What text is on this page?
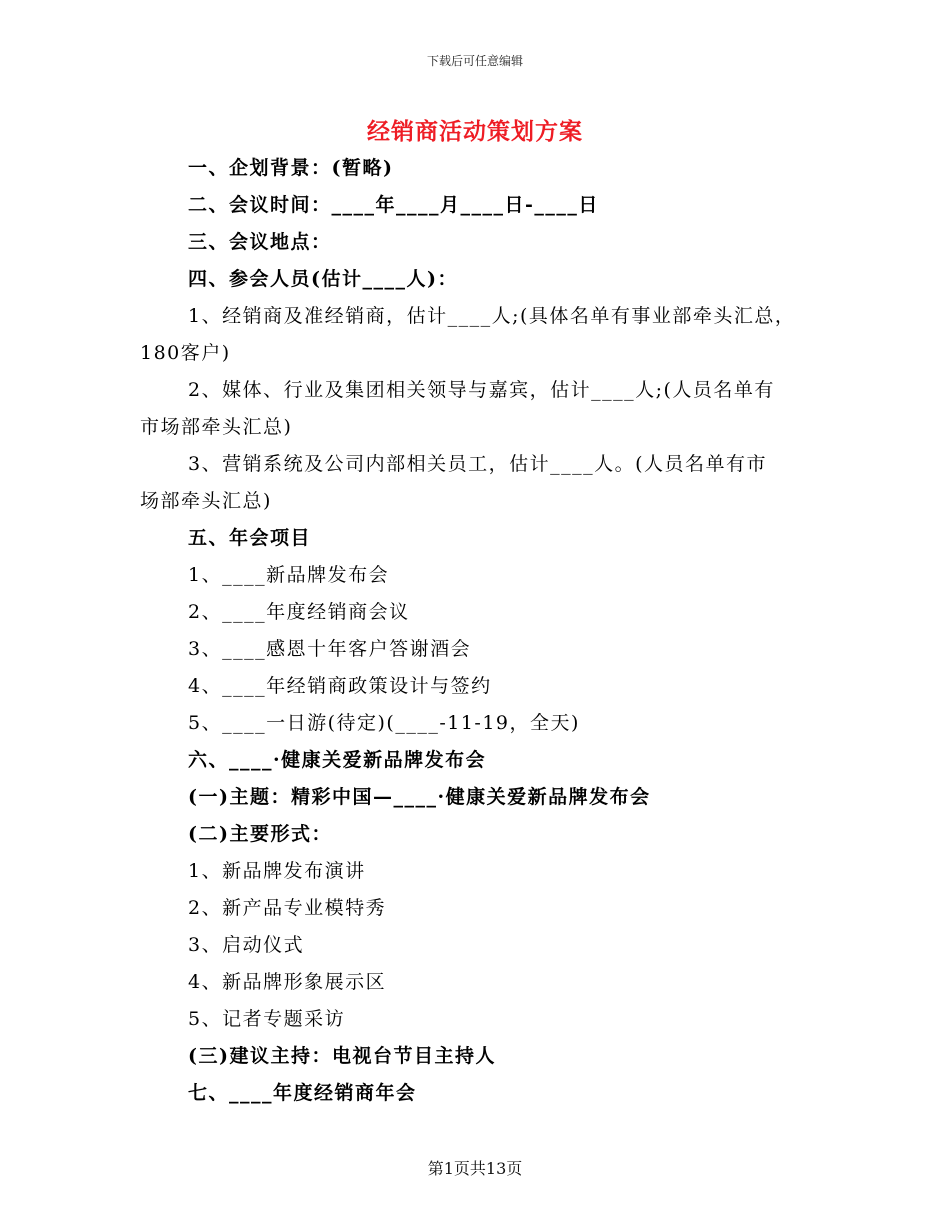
下载后可任意编辑
经销商活动策划方案
一、企划背景：(暂略)
二、会议时间：____年____月____日-____日
三、会议地点：
四、参会人员(估计____人)：
1、经销商及准经销商，估计____人;(具体名单有事业部牵头汇总，
180客户)
2、媒体、行业及集团相关领导与嘉宾，估计____人;(人员名单有
市场部牵头汇总)
3、营销系统及公司内部相关员工，估计____人。(人员名单有市
场部牵头汇总)
五、年会项目
1、____新品牌发布会
2、____年度经销商会议
3、____感恩十年客户答谢酒会
4、____年经销商政策设计与签约
5、____一日游(待定)(____-11-19，全天)
六、____·健康关爱新品牌发布会
(一)主题：精彩中国—____·健康关爱新品牌发布会
(二)主要形式：
1、新品牌发布演讲
2、新产品专业模特秀
3、启动仪式
4、新品牌形象展示区
5、记者专题采访
(三)建议主持：电视台节目主持人
七、____年度经销商年会
第1页共13页
